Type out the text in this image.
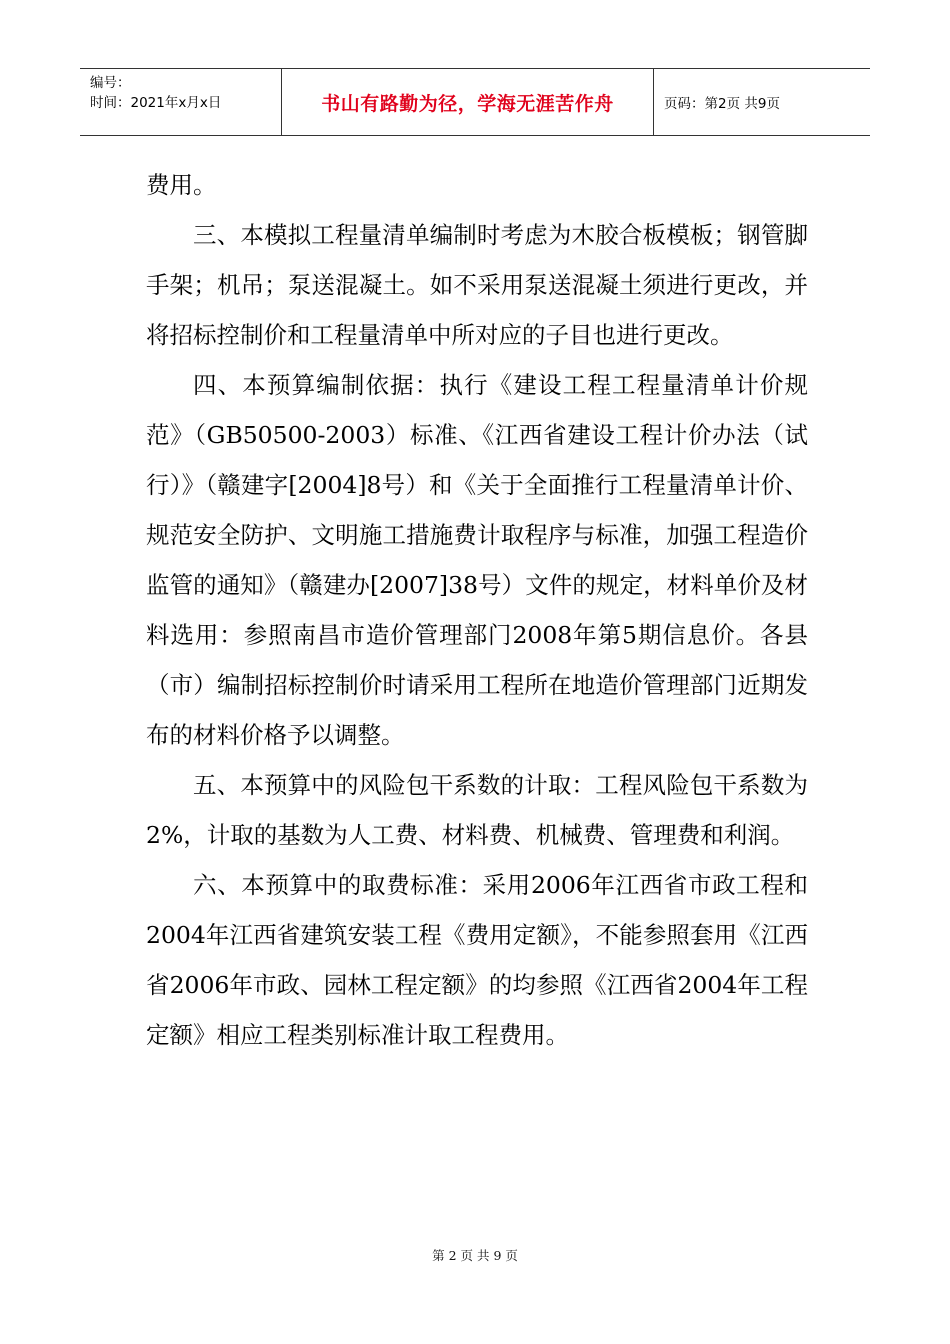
编号：
时间：2021年x月x日	书山有路勤为径，学海无涯苦作舟	页码：第2页 共9页

费用。

三、本模拟工程量清单编制时考虑为木胶合板模板；钢管脚手架；机吊；泵送混凝土。如不采用泵送混凝土须进行更改，并将招标控制价和工程量清单中所对应的子目也进行更改。

四、本预算编制依据：执行《建设工程工程量清单计价规范》（GB50500-2003）标准、《江西省建设工程计价办法（试行）》（赣建字[2004]8号）和《关于全面推行工程量清单计价、规范安全防护、文明施工措施费计取程序与标准，加强工程造价监管的通知》（赣建办[2007]38号）文件的规定，材料单价及材料选用：参照南昌市造价管理部门2008年第5期信息价。各县（市）编制招标控制价时请采用工程所在地造价管理部门近期发布的材料价格予以调整。

五、本预算中的风险包干系数的计取：工程风险包干系数为2%，计取的基数为人工费、材料费、机械费、管理费和利润。

六、本预算中的取费标准：采用2006年江西省市政工程和2004年江西省建筑安装工程《费用定额》，不能参照套用《江西省2006年市政、园林工程定额》的均参照《江西省2004年工程定额》相应工程类别标准计取工程费用。

第 2 页 共 9 页
